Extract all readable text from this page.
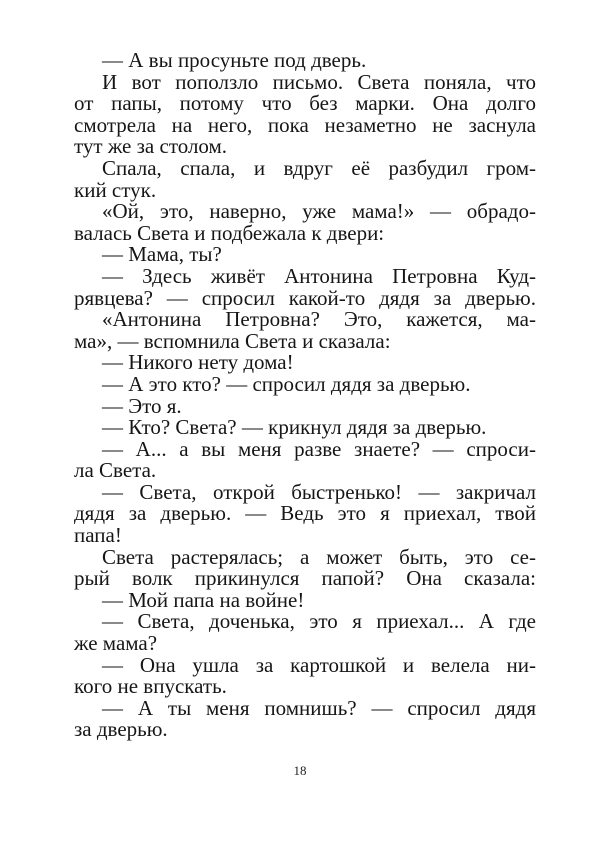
— А вы просуньте под дверь.
И вот поползло письмо. Света поняла, что
от папы, потому что без марки. Она долго
смотрела на него, пока незаметно не заснула
тут же за столом.
Спала, спала, и вдруг её разбудил гром-
кий стук.
«Ой, это, наверно, уже мама!» — обрадо-
валась Света и подбежала к двери:
— Мама, ты?
— Здесь живёт Антонина Петровна Куд-
рявцева? — спросил какой-то дядя за дверью.
«Антонина Петровна? Это, кажется, ма-
ма», — вспомнила Света и сказала:
— Никого нету дома!
— А это кто? — спросил дядя за дверью.
— Это я.
— Кто? Света? — крикнул дядя за дверью.
— А... а вы меня разве знаете? — спроси-
ла Света.
— Света, открой быстренько! — закричал
дядя за дверью. — Ведь это я приехал, твой
папа!
Света растерялась; а может быть, это се-
рый волк прикинулся папой? Она сказала:
— Мой папа на войне!
— Света, доченька, это я приехал... А где
же мама?
— Она ушла за картошкой и велела ни-
кого не впускать.
— А ты меня помнишь? — спросил дядя
за дверью.
18
